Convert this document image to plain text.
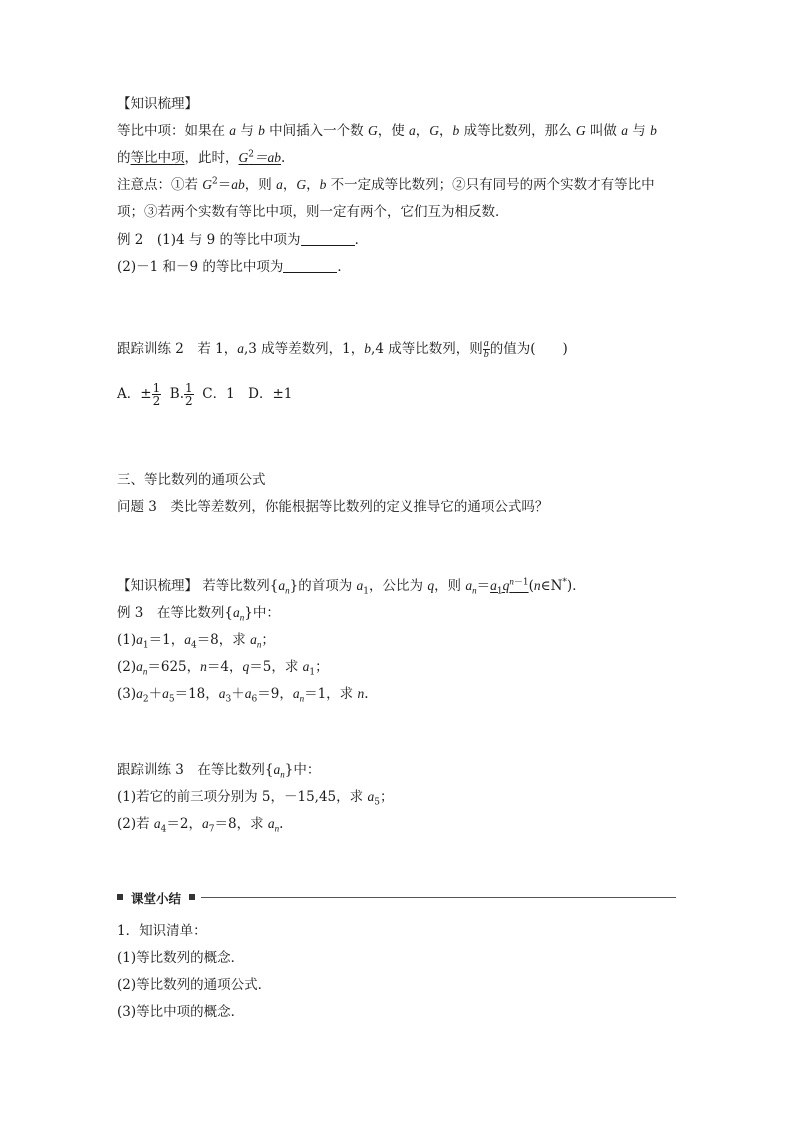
【知识梳理】
等比中项：如果在 a 与 b 中间插入一个数 G，使 a，G，b 成等比数列，那么 G 叫做 a 与 b
的等比中项，此时，$G^2=ab$.
注意点：①若 $G^2=ab$，则 a，G，b 不一定成等比数列；②只有同号的两个实数才有等比中
项；③若两个实数有等比中项，则一定有两个，它们互为相反数．
例 2　(1)4 与 9 的等比中项为	．
(2)－1 和－9 的等比中项为	．
跟踪训练 2　若 1，a,3 成等差数列，1，b,4 成等比数列，则 $\frac{a}{b}$ 的值为(　　)
A．± $\frac{1}{2} B$. $\frac{1}{2}$ C．1　D．±1
三、等比数列的通项公式
问题 3　类比等差数列，你能根据等比数列的定义推导它的通项公式吗？
【知识梳理】 若等比数列$\{a_n\}$的首项为 $a_1$，公比为 q，则 $a_n=a_1q^{n-1}(n\in N^*)$．
例 3　在等比数列$\{a_n\}$中：
$(1)a_1=1$，$a_4=8$，求 $a_n$；
$(2)a_n=625$，n＝4，q＝5，求 $a_1$；
$(3)a_2+a_5=18$，$a_3+a_6=9$，$a_n=1$，求 n.
跟踪训练 3　在等比数列$\{a_n\}$中：
(1)若它的前三项分别为 5，－15,45，求 $a_5$；
(2)若 $a_4=2$，$a_7=8$，求 $a_n$.
课堂小结
1．知识清单：
(1)等比数列的概念．
(2)等比数列的通项公式．
(3)等比中项的概念．
